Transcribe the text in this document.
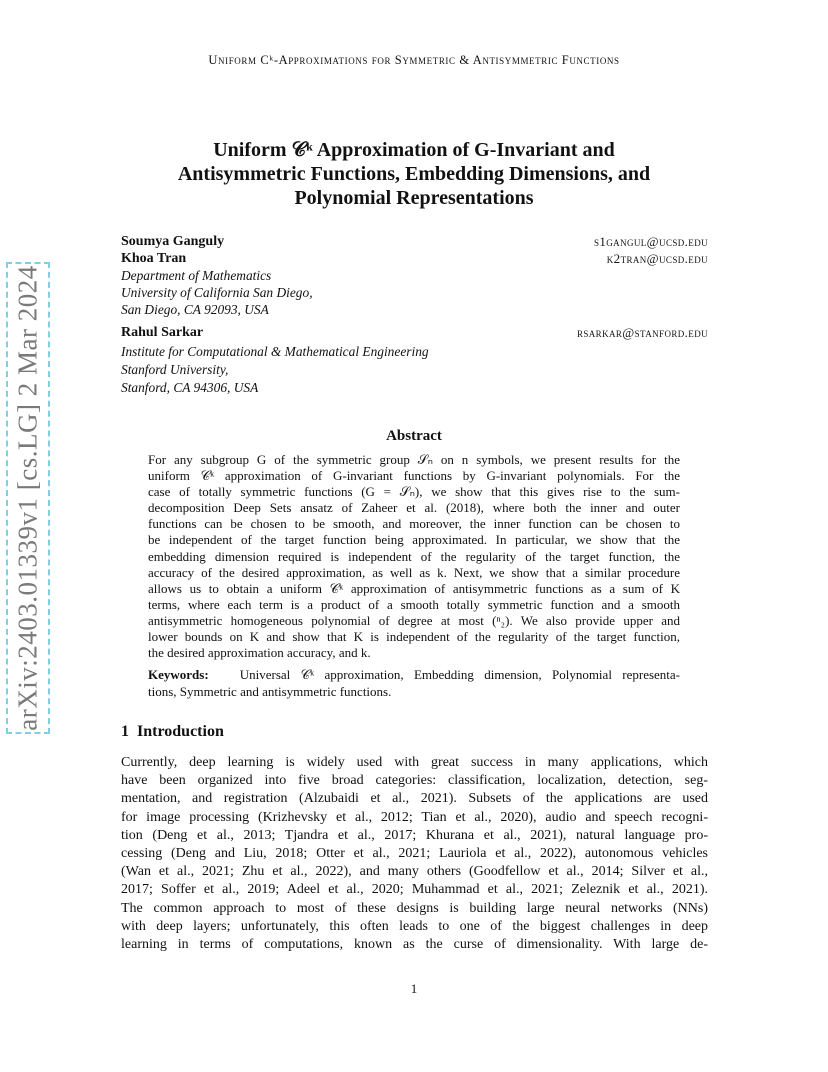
arXiv:2403.01339v1 [cs.LG] 2 Mar 2024
Uniform Cᵏ-Approximations for Symmetric & Antisymmetric Functions
Uniform 𝒞ᵏ Approximation of G-Invariant and
Antisymmetric Functions, Embedding Dimensions, and
Polynomial Representations
Soumya Ganguly	s1gangul@ucsd.edu
Khoa Tran	k2tran@ucsd.edu
Department of Mathematics
University of California San Diego,
San Diego, CA 92093, USA
Rahul Sarkar	rsarkar@stanford.edu
Institute for Computational & Mathematical Engineering
Stanford University,
Stanford, CA 94306, USA
Abstract
For any subgroup G of the symmetric group 𝒮ₙ on n symbols, we present results for the
uniform 𝒞ᵏ approximation of G-invariant functions by G-invariant polynomials. For the
case of totally symmetric functions (G = 𝒮ₙ), we show that this gives rise to the sum-
decomposition Deep Sets ansatz of Zaheer et al. (2018), where both the inner and outer
functions can be chosen to be smooth, and moreover, the inner function can be chosen to
be independent of the target function being approximated. In particular, we show that the
embedding dimension required is independent of the regularity of the target function, the
accuracy of the desired approximation, as well as k. Next, we show that a similar procedure
allows us to obtain a uniform 𝒞ᵏ approximation of antisymmetric functions as a sum of K
terms, where each term is a product of a smooth totally symmetric function and a smooth
antisymmetric homogeneous polynomial of degree at most (ⁿ₂). We also provide upper and
lower bounds on K and show that K is independent of the regularity of the target function,
the desired approximation accuracy, and k.
Keywords: Universal 𝒞ᵏ approximation, Embedding dimension, Polynomial representa-
tions, Symmetric and antisymmetric functions.
1 Introduction
Currently, deep learning is widely used with great success in many applications, which
have been organized into five broad categories: classification, localization, detection, seg-
mentation, and registration (Alzubaidi et al., 2021). Subsets of the applications are used
for image processing (Krizhevsky et al., 2012; Tian et al., 2020), audio and speech recogni-
tion (Deng et al., 2013; Tjandra et al., 2017; Khurana et al., 2021), natural language pro-
cessing (Deng and Liu, 2018; Otter et al., 2021; Lauriola et al., 2022), autonomous vehicles
(Wan et al., 2021; Zhu et al., 2022), and many others (Goodfellow et al., 2014; Silver et al.,
2017; Soffer et al., 2019; Adeel et al., 2020; Muhammad et al., 2021; Zeleznik et al., 2021).
The common approach to most of these designs is building large neural networks (NNs)
with deep layers; unfortunately, this often leads to one of the biggest challenges in deep
learning in terms of computations, known as the curse of dimensionality. With large de-
1
